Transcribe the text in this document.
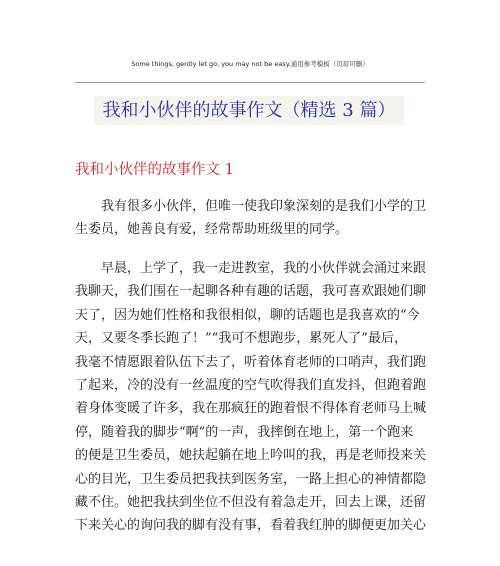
Some things, gently let go, you may not be easy.通用参考模板（页眉可删）
我和小伙伴的故事作文（精选 3 篇）
我和小伙伴的故事作文 1
我有很多小伙伴，但唯一使我印象深刻的是我们小学的卫
生委员，她善良有爱，经常帮助班级里的同学。
早晨，上学了，我一走进教室，我的小伙伴就会涌过来跟
我聊天，我们围在一起聊各种有趣的话题，我可喜欢跟她们聊
天了，因为她们性格和我很相似，聊的话题也是我喜欢的“今
天，又要冬季长跑了！”“我可不想跑步，累死人了”最后，
我毫不情愿跟着队伍下去了，听着体育老师的口哨声，我们跑
了起来，冷的没有一丝温度的空气吹得我们直发抖，但跑着跑
着身体变暖了许多，我在那疯狂的跑着恨不得体育老师马上喊
停，随着我的脚步“啊”的一声，我摔倒在地上，第一个跑来
的便是卫生委员，她扶起躺在地上吟叫的我，再是老师投来关
心的目光，卫生委员把我扶到医务室，一路上担心的神情都隐
藏不住。她把我扶到坐位不但没有着急走开，回去上课，还留
下来关心的询问我的脚有没有事，看着我红肿的脚便更加关心
